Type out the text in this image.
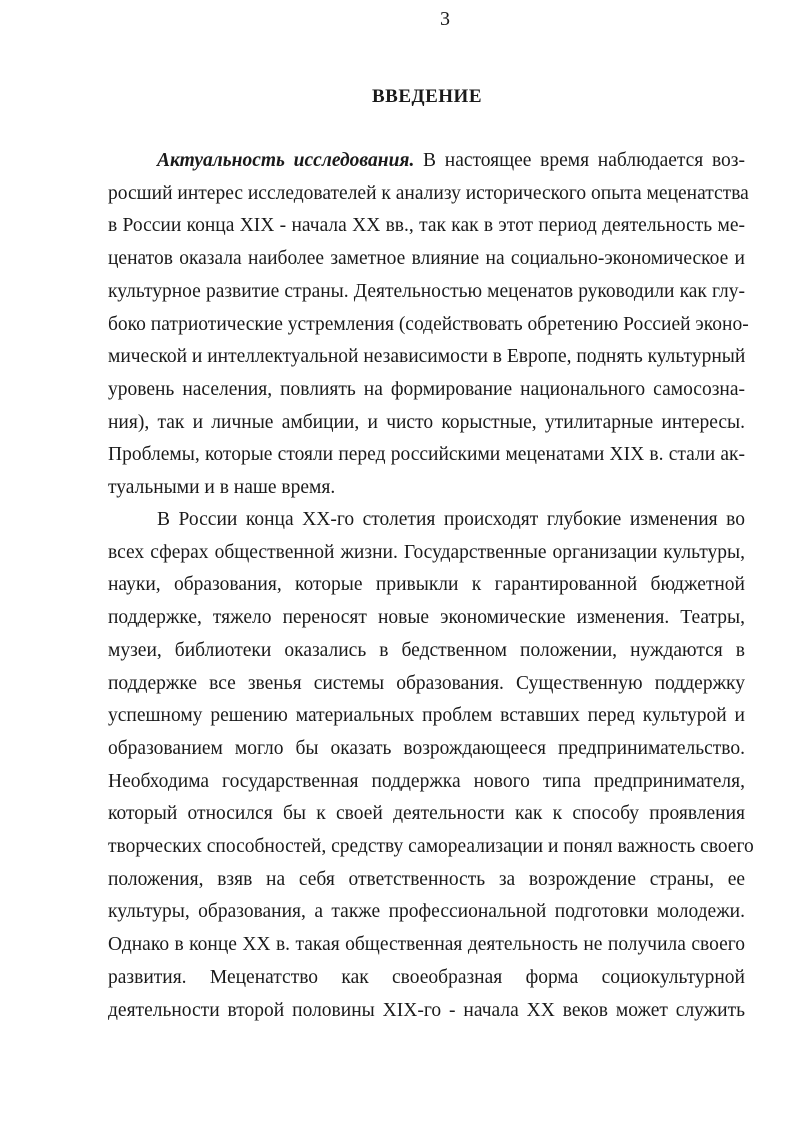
3
ВВЕДЕНИЕ
Актуальность исследования. В настоящее время наблюдается воз-
росший интерес исследователей к анализу исторического опыта меценатства
в России конца XIX - начала XX вв., так как в этот период деятельность ме-
ценатов оказала наиболее заметное влияние на социально-экономическое и
культурное развитие страны. Деятельностью меценатов руководили как глу-
боко патриотические устремления (содействовать обретению Россией эконо-
мической и интеллектуальной независимости в Европе, поднять культурный
уровень населения, повлиять на формирование национального самосозна-
ния), так и личные амбиции, и чисто корыстные, утилитарные интересы.
Проблемы, которые стояли перед российскими меценатами XIX в. стали ак-
туальными и в наше время.
В России конца XX-го столетия происходят глубокие изменения во
всех сферах общественной жизни. Государственные организации культуры,
науки, образования, которые привыкли к гарантированной бюджетной
поддержке, тяжело переносят новые экономические изменения. Театры,
музеи, библиотеки оказались в бедственном положении, нуждаются в
поддержке все звенья системы образования. Существенную поддержку
успешному решению материальных проблем вставших перед культурой и
образованием могло бы оказать возрождающееся предпринимательство.
Необходима государственная поддержка нового типа предпринимателя,
который относился бы к своей деятельности как к способу проявления
творческих способностей, средству самореализации и понял важность своего
положения, взяв на себя ответственность за возрождение страны, ее
культуры, образования, а также профессиональной подготовки молодежи.
Однако в конце XX в. такая общественная деятельность не получила своего
развития. Меценатство как своеобразная форма социокультурной
деятельности второй половины XIX-го - начала XX веков может служить
